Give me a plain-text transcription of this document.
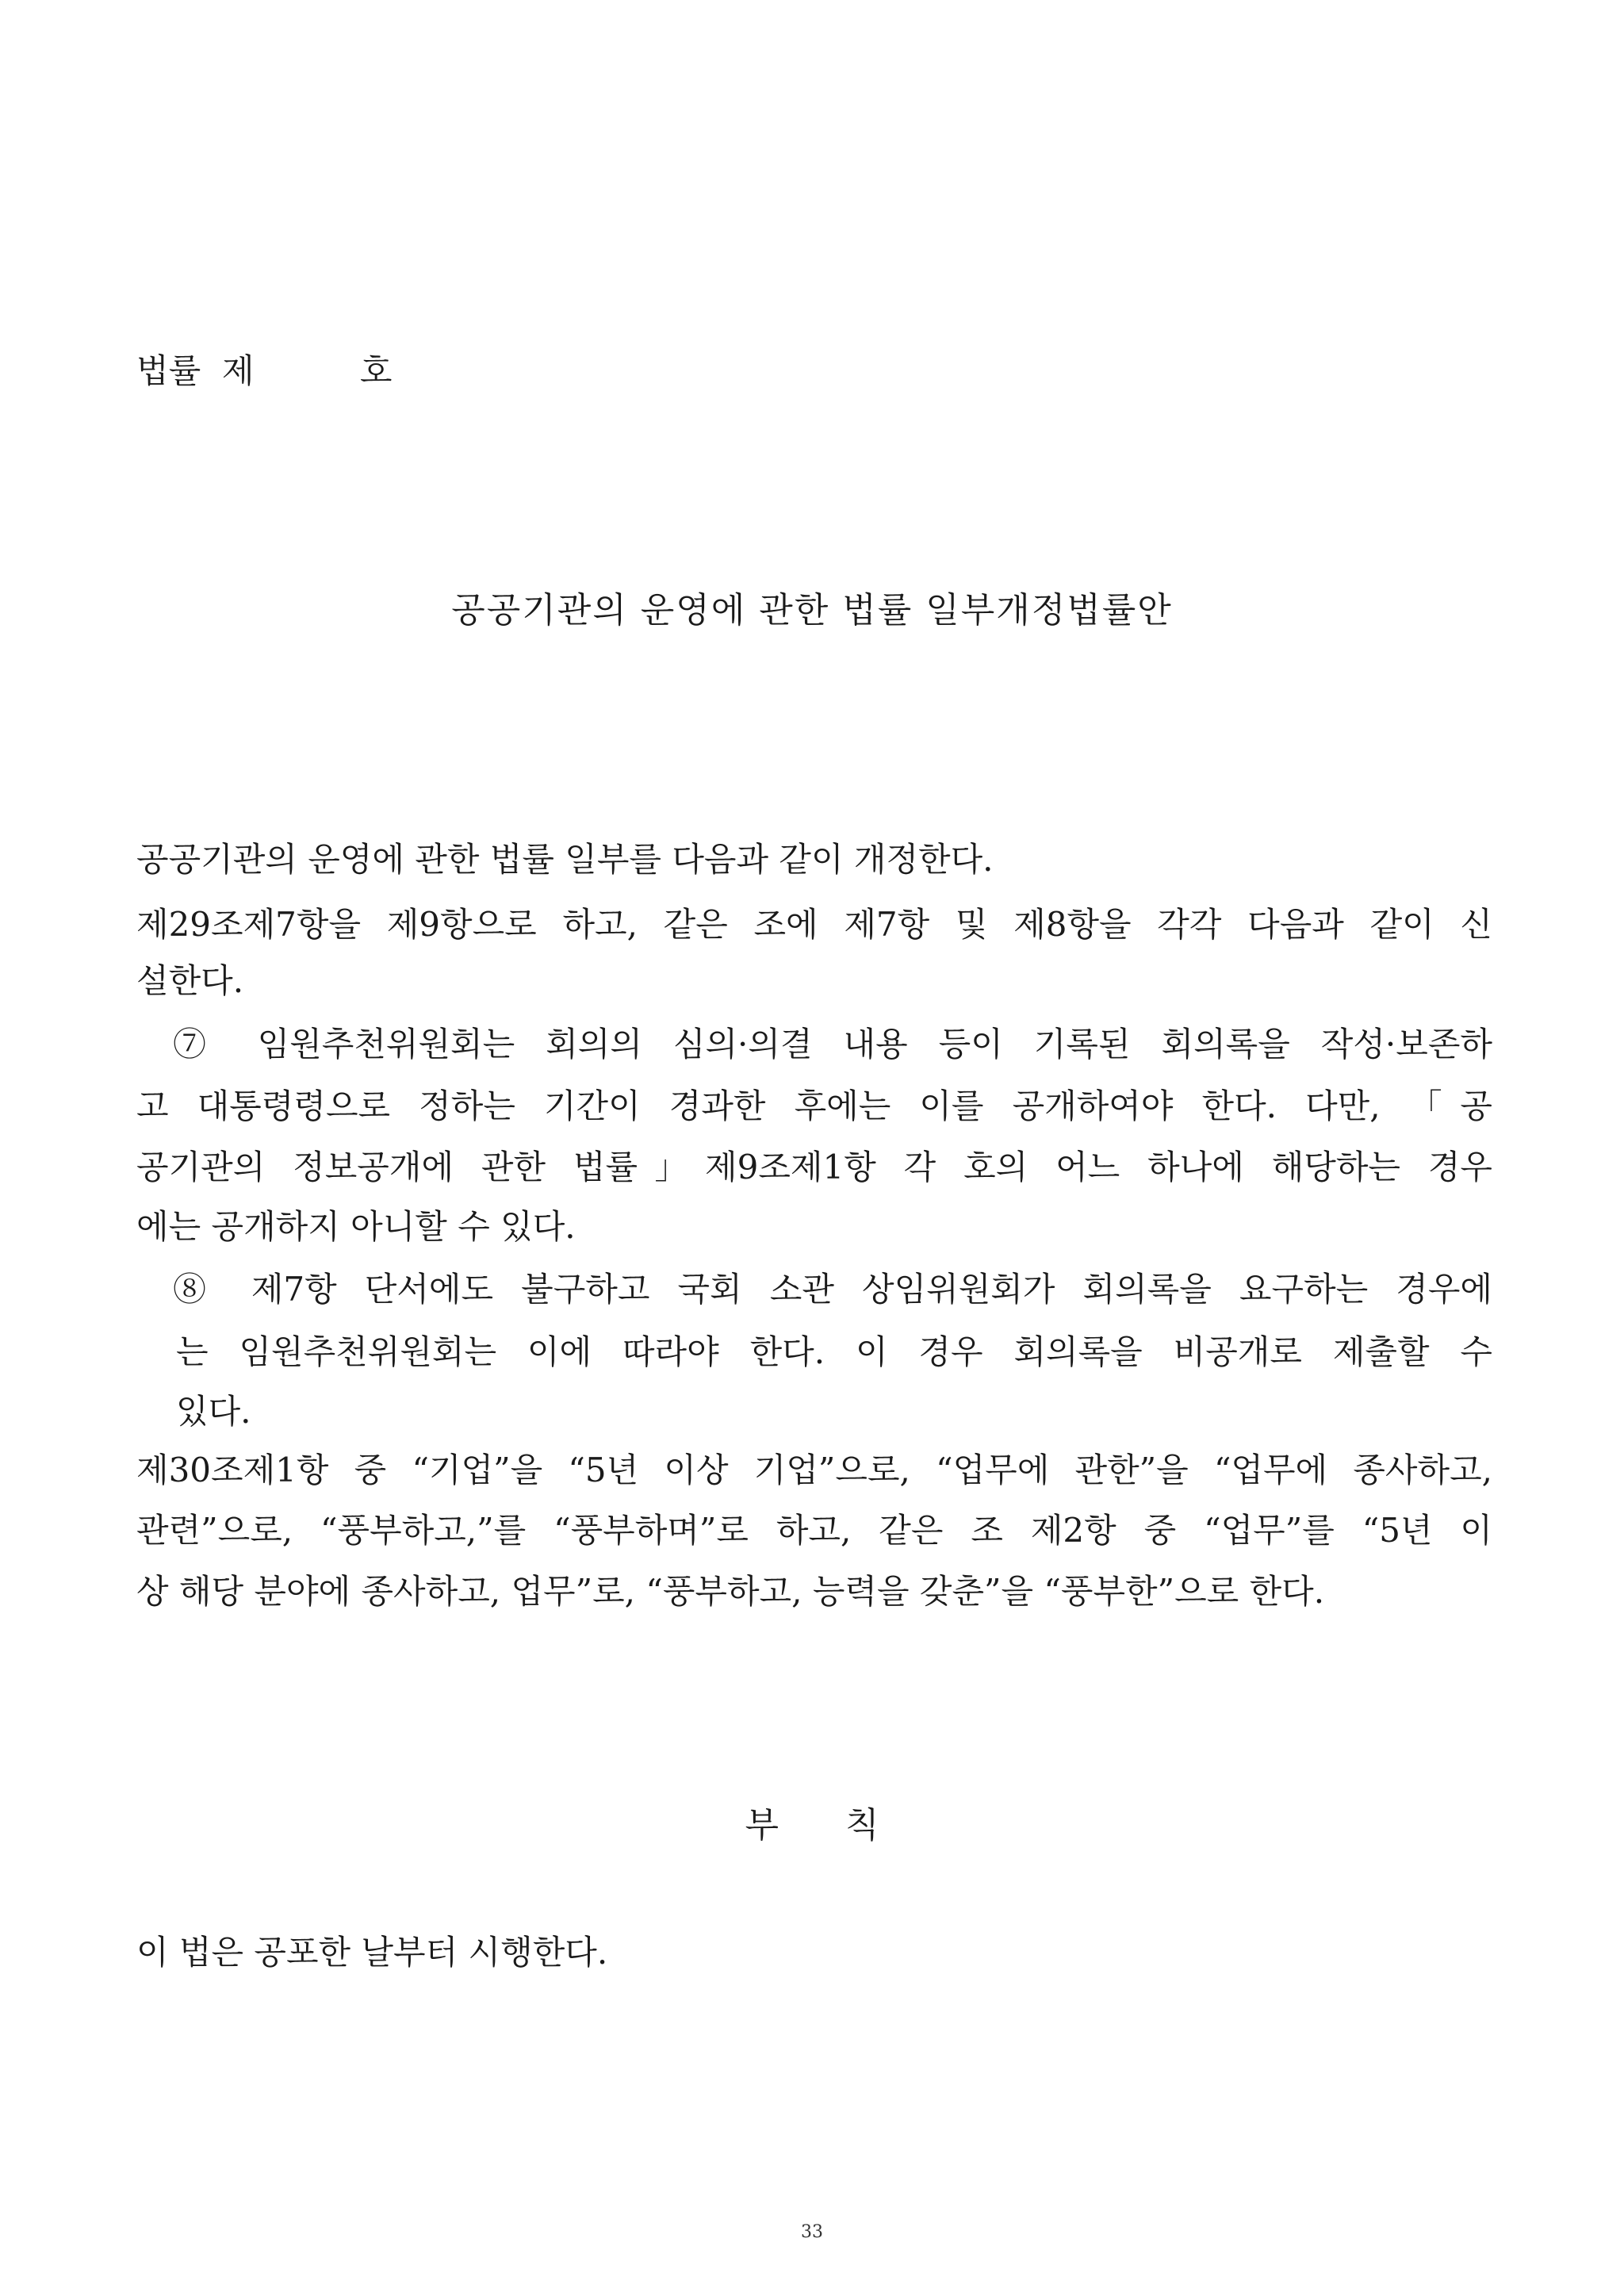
법률  제          호
공공기관의 운영에 관한 법률 일부개정법률안
공공기관의 운영에 관한 법률 일부를 다음과 같이 개정한다.
제29조제7항을 제9항으로 하고, 같은 조에 제7항 및 제8항을 각각 다음과 같이 신
설한다.
⑦ 임원추천위원회는 회의의 심의·의결 내용 등이 기록된 회의록을 작성·보존하
고 대통령령으로 정하는 기간이 경과한 후에는 이를 공개하여야 한다. 다만, 「공
공기관의 정보공개에 관한 법률」제9조제1항 각 호의 어느 하나에 해당하는 경우
에는 공개하지 아니할 수 있다.
⑧ 제7항 단서에도 불구하고 국회 소관 상임위원회가 회의록을 요구하는 경우에
는 임원추천위원회는 이에 따라야 한다. 이 경우 회의록을 비공개로 제출할 수
있다.
제30조제1항 중 “기업”을 “5년 이상 기업”으로, “업무에 관한”을 “업무에 종사하고,
관련”으로, “풍부하고,”를 “풍부하며”로 하고, 같은 조 제2항 중 “업무”를 “5년 이
상 해당 분야에 종사하고, 업무”로, “풍부하고, 능력을 갖춘”을 “풍부한”으로 한다.
부      칙
이 법은 공포한 날부터 시행한다.
33
